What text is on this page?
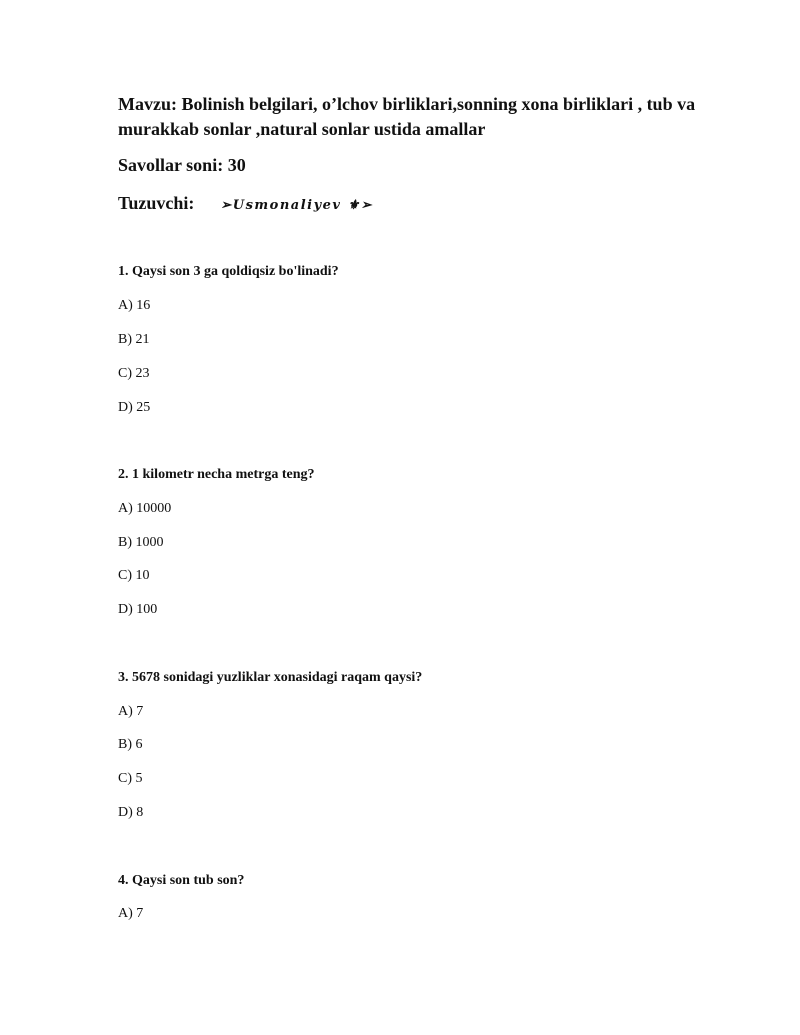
Mavzu: Bolinish belgilari, o’lchov birliklari,sonning xona birliklari , tub va murakkab sonlar ,natural sonlar ustida amallar
Savollar soni: 30
Tuzuvchi: ➢Usmonaliyev ⚜➢
1. Qaysi son 3 ga qoldiqsiz bo'linadi?
A) 16
B) 21
C) 23
D) 25
2. 1 kilometr necha metrga teng?
A) 10000
B) 1000
C) 10
D) 100
3. 5678 sonidagi yuzliklar xonasidagi raqam qaysi?
A) 7
B) 6
C) 5
D) 8
4. Qaysi son tub son?
A) 7
